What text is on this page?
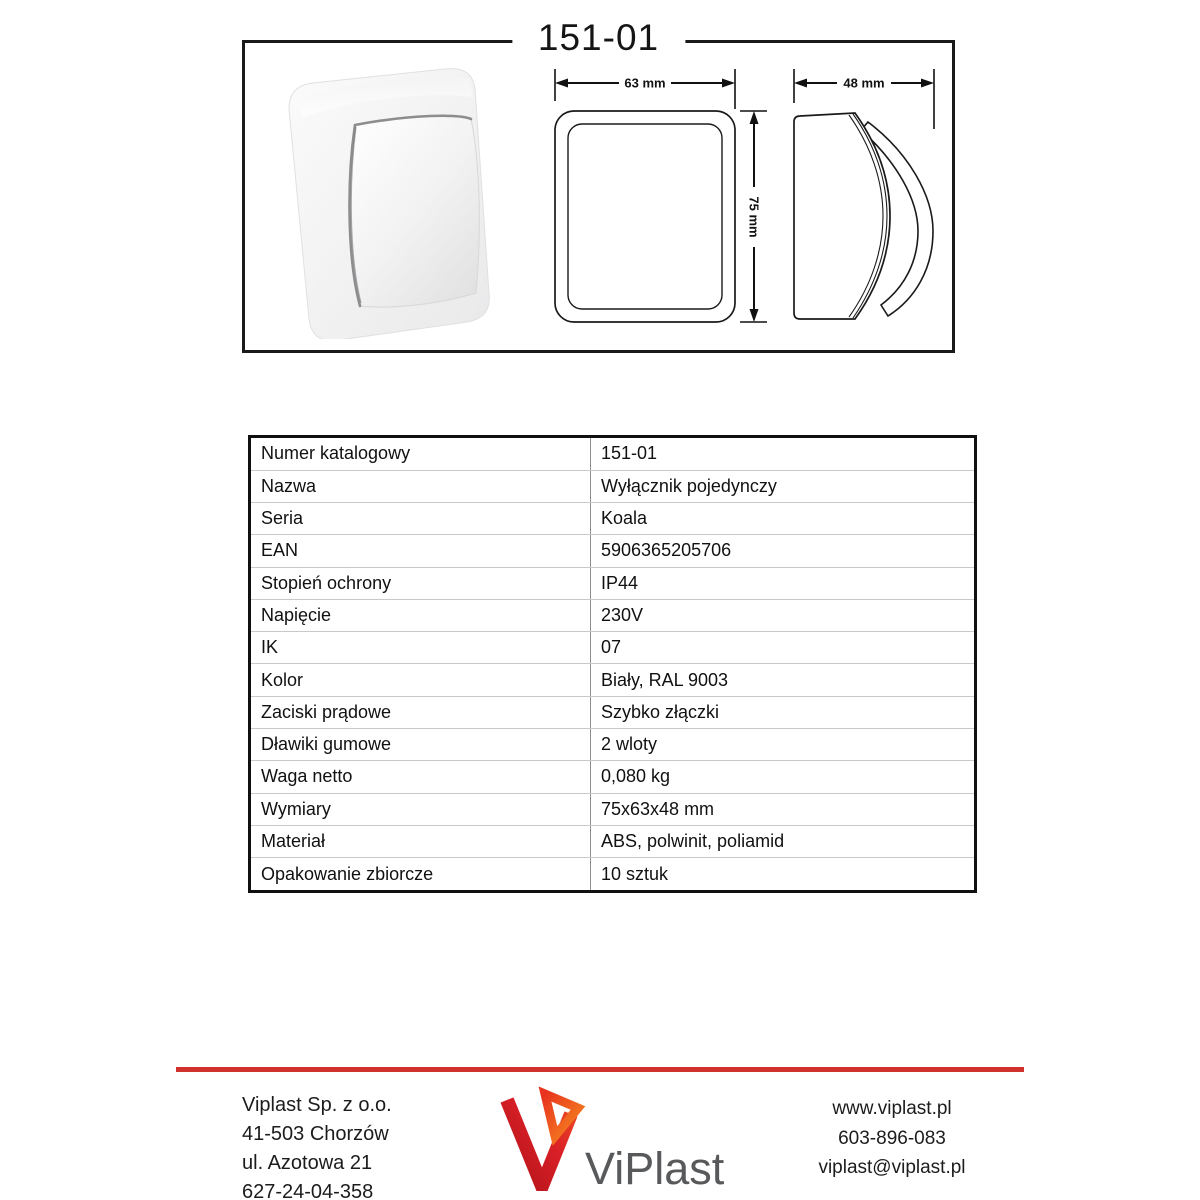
151-01
63 mm
75 mm
48 mm
Numer katalogowy	151-01
Nazwa	Wyłącznik pojedynczy
Seria	Koala
EAN	5906365205706
Stopień ochrony	IP44
Napięcie	230V
IK	07
Kolor	Biały, RAL 9003
Zaciski prądowe	Szybko złączki
Dławiki gumowe	2 wloty
Waga netto	0,080 kg
Wymiary	75x63x48 mm
Materiał	ABS, polwinit, poliamid
Opakowanie zbiorcze	10 sztuk
Viplast Sp. z o.o.
41-503 Chorzów
ul. Azotowa 21
627-24-04-358	ViPlast
www.viplast.pl
603-896-083
viplast@viplast.pl
